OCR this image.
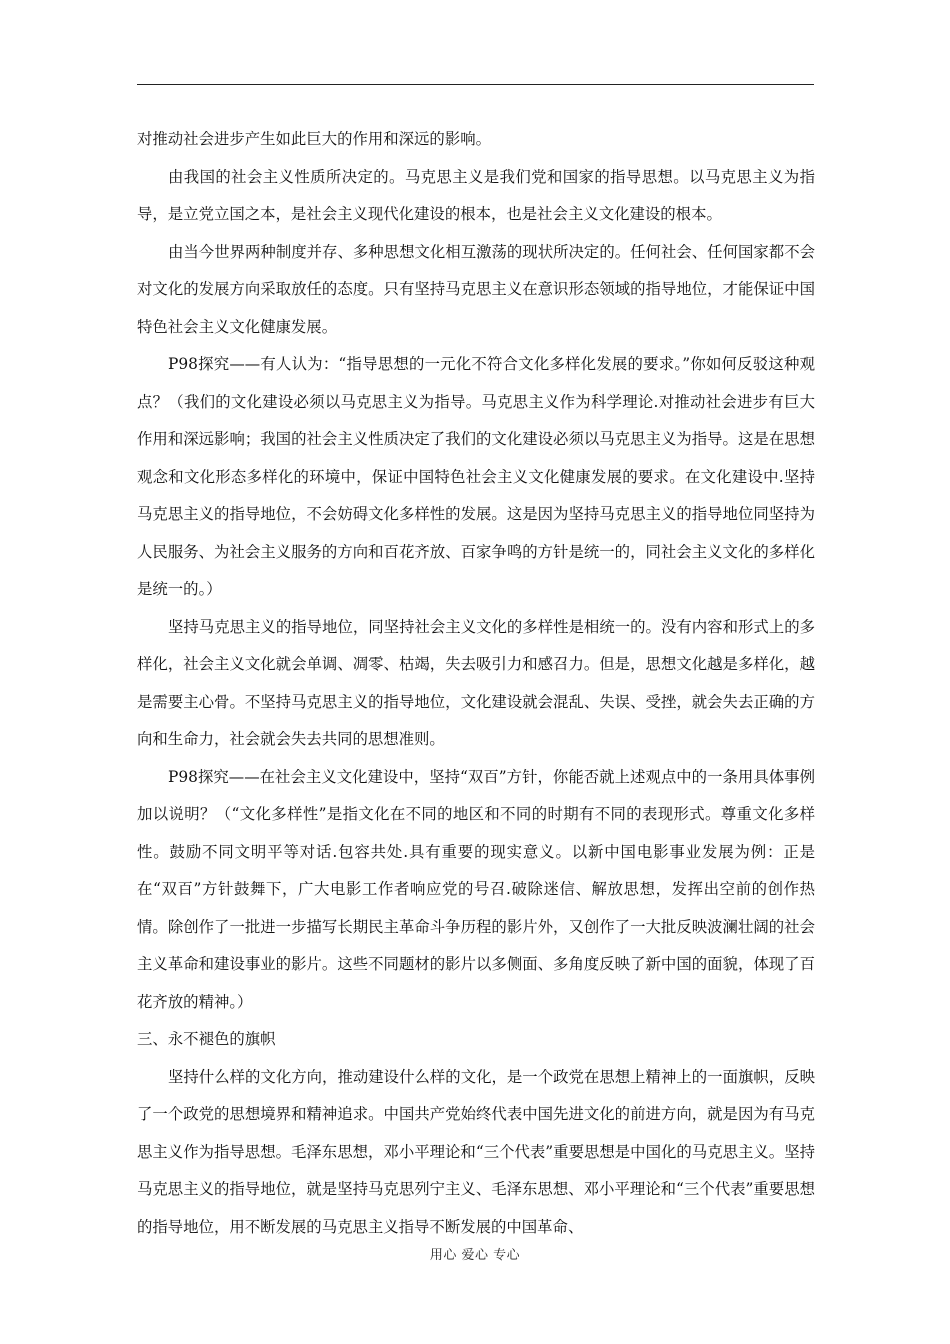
对推动社会进步产生如此巨大的作用和深远的影响。

由我国的社会主义性质所决定的。马克思主义是我们党和国家的指导思想。以马克思主义为指导，是立党立国之本，是社会主义现代化建设的根本，也是社会主义文化建设的根本。

由当今世界两种制度并存、多种思想文化相互激荡的现状所决定的。任何社会、任何国家都不会对文化的发展方向采取放任的态度。只有坚持马克思主义在意识形态领域的指导地位，才能保证中国特色社会主义文化健康发展。

P98探究——有人认为：“指导思想的一元化不符合文化多样化发展的要求。”你如何反驳这种观点？（我们的文化建设必须以马克思主义为指导。马克思主义作为科学理论.对推动社会进步有巨大作用和深远影响；我国的社会主义性质决定了我们的文化建设必须以马克思主义为指导。这是在思想观念和文化形态多样化的环境中，保证中国特色社会主义文化健康发展的要求。在文化建设中.坚持马克思主义的指导地位，不会妨碍文化多样性的发展。这是因为坚持马克思主义的指导地位同坚持为人民服务、为社会主义服务的方向和百花齐放、百家争鸣的方针是统一的，同社会主义文化的多样化是统一的。）

坚持马克思主义的指导地位，同坚持社会主义文化的多样性是相统一的。没有内容和形式上的多样化，社会主义文化就会单调、凋零、枯竭，失去吸引力和感召力。但是，思想文化越是多样化，越是需要主心骨。不坚持马克思主义的指导地位，文化建设就会混乱、失误、受挫，就会失去正确的方向和生命力，社会就会失去共同的思想准则。

P98探究——在社会主义文化建设中，坚持“双百”方针，你能否就上述观点中的一条用具体事例加以说明？（“文化多样性”是指文化在不同的地区和不同的时期有不同的表现形式。尊重文化多样性。鼓励不同文明平等对话.包容共处.具有重要的现实意义。以新中国电影事业发展为例：正是在“双百”方针鼓舞下，广大电影工作者响应党的号召.破除迷信、解放思想，发挥出空前的创作热情。除创作了一批进一步描写长期民主革命斗争历程的影片外，又创作了一大批反映波澜壮阔的社会主义革命和建设事业的影片。这些不同题材的影片以多侧面、多角度反映了新中国的面貌，体现了百花齐放的精神。）

三、永不褪色的旗帜

坚持什么样的文化方向，推动建设什么样的文化，是一个政党在思想上精神上的一面旗帜，反映了一个政党的思想境界和精神追求。中国共产党始终代表中国先进文化的前进方向，就是因为有马克思主义作为指导思想。毛泽东思想，邓小平理论和“三个代表”重要思想是中国化的马克思主义。坚持马克思主义的指导地位，就是坚持马克思列宁主义、毛泽东思想、邓小平理论和“三个代表”重要思想的指导地位，用不断发展的马克思主义指导不断发展的中国革命、

用心 爱心 专心
